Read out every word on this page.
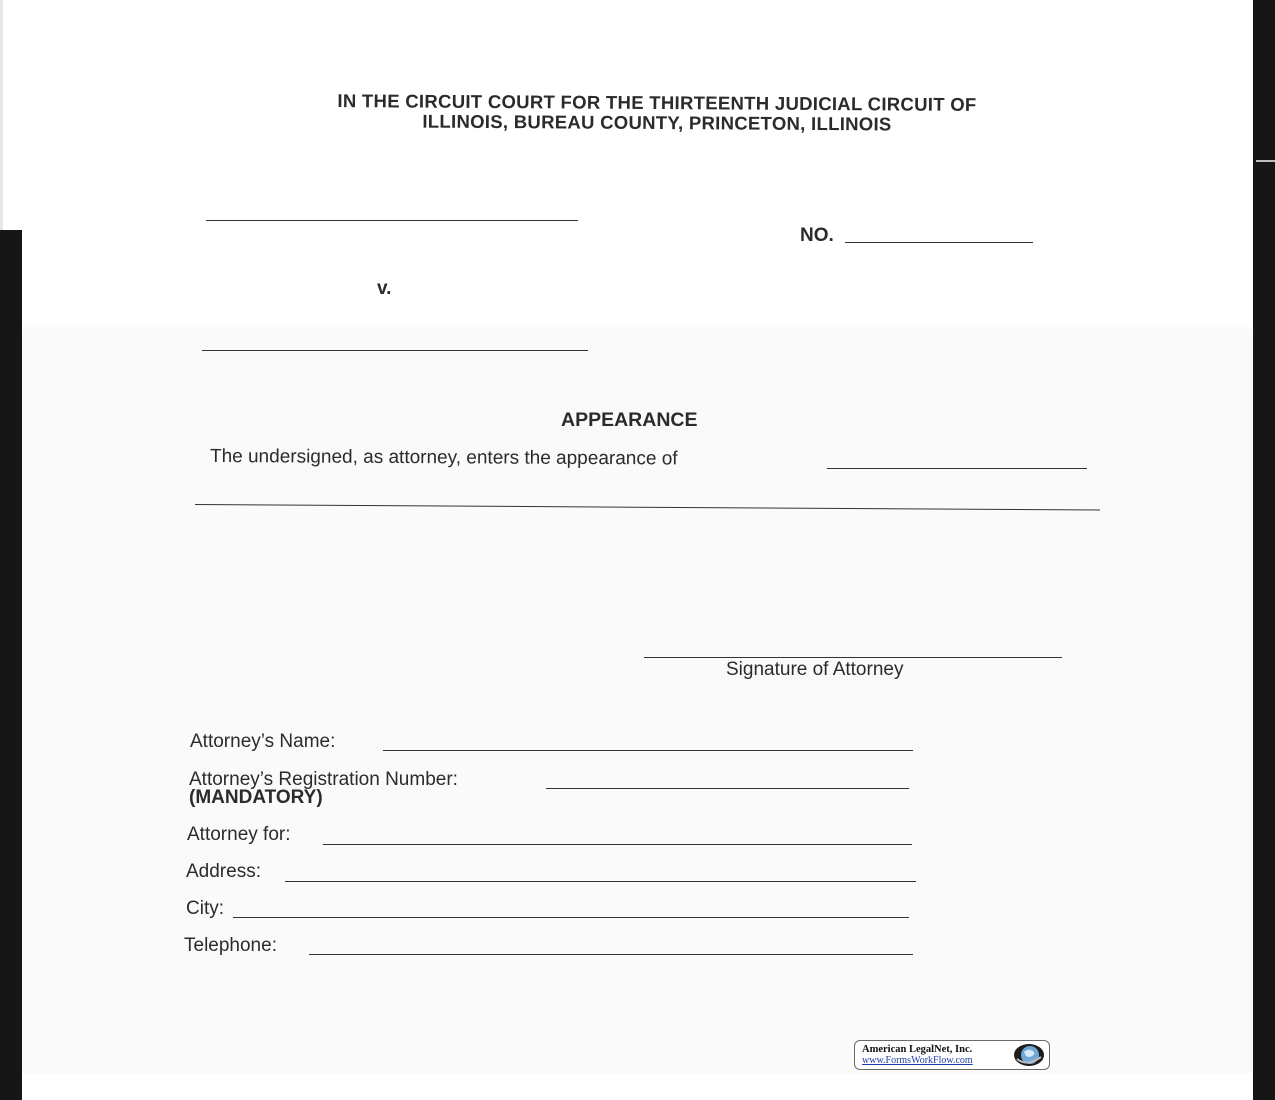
IN THE CIRCUIT COURT FOR THE THIRTEENTH JUDICIAL CIRCUIT OF
ILLINOIS, BUREAU COUNTY, PRINCETON, ILLINOIS
NO.
v.
APPEARANCE
The undersigned, as attorney, enters the appearance of
Signature of Attorney
Attorney’s Name:
Attorney’s Registration Number:
(MANDATORY)
Attorney for:
Address:
City:
Telephone:
American LegalNet, Inc.
www.FormsWorkFlow.com
